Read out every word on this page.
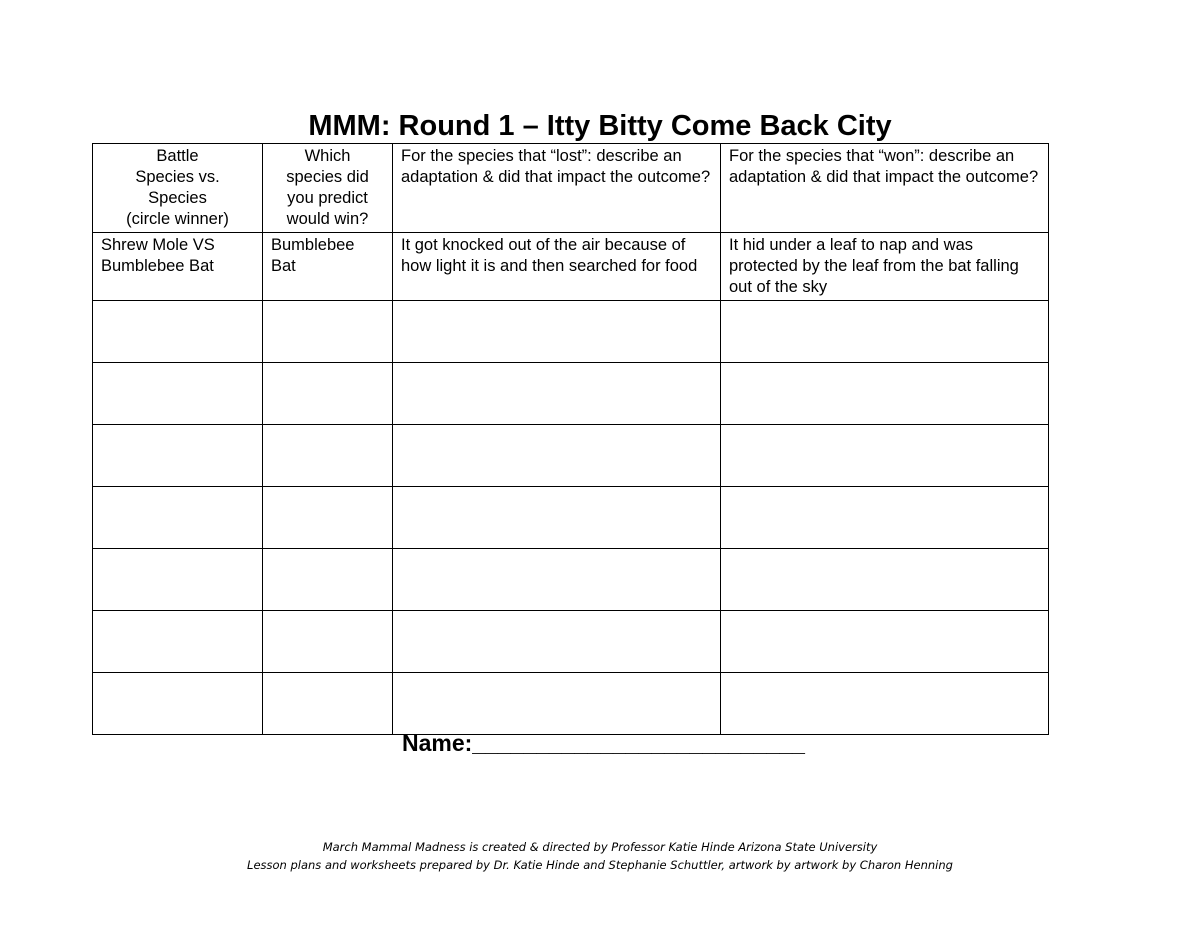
MMM: Round 1 – Itty Bitty Come Back City
Battle
Species vs.
Species
(circle winner)	Which
species did
you predict
would win?	For the species that “lost”: describe an adaptation & did that impact the outcome?	For the species that “won”: describe an adaptation & did that impact the outcome?
Shrew Mole VS
Bumblebee Bat	Bumblebee
Bat	It got knocked out of the air because of how light it is and then searched for food	It hid under a leaf to nap and was protected by the leaf from the bat falling out of the sky

Name:__________________________
March Mammal Madness is created & directed by Professor Katie Hinde Arizona State University
Lesson plans and worksheets prepared by Dr. Katie Hinde and Stephanie Schuttler, artwork by artwork by Charon Henning
